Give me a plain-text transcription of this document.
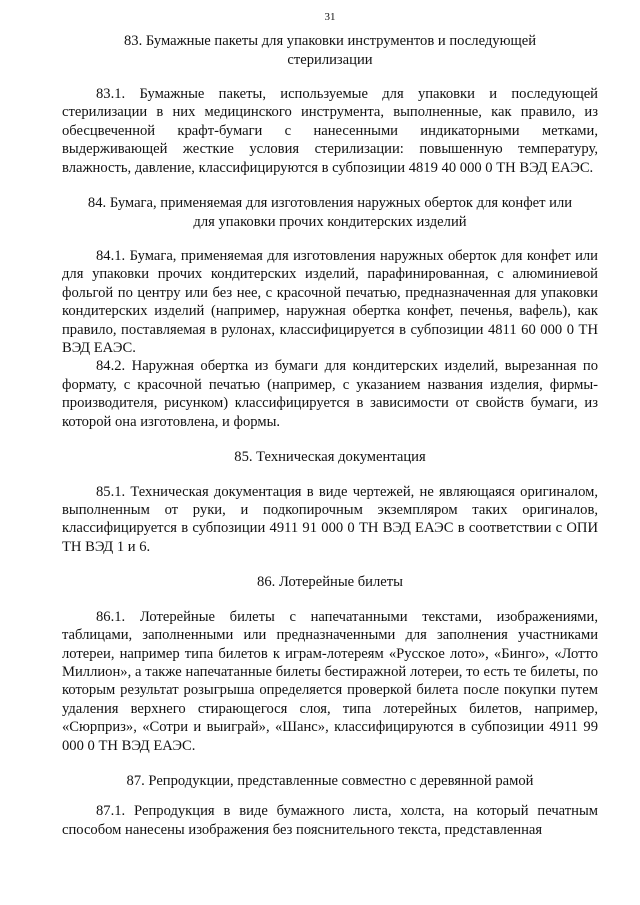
31
83. Бумажные пакеты для упаковки инструментов и последующей стерилизации

83.1. Бумажные пакеты, используемые для упаковки и последующей стерилизации в них медицинского инструмента, выполненные, как правило, из обесцвеченной крафт-бумаги с нанесенными индикаторными метками, выдерживающей жесткие условия стерилизации: повышенную температуру, влажность, давление, классифицируются в субпозиции 4819 40 000 0 ТН ВЭД ЕАЭС.

84. Бумага, применяемая для изготовления наружных оберток для конфет или для упаковки прочих кондитерских изделий

84.1. Бумага, применяемая для изготовления наружных оберток для конфет или для упаковки прочих кондитерских изделий, парафинированная, с алюминиевой фольгой по центру или без нее, с красочной печатью, предназначенная для упаковки кондитерских изделий (например, наружная обертка конфет, печенья, вафель), как правило, поставляемая в рулонах, классифицируется в субпозиции 4811 60 000 0 ТН ВЭД ЕАЭС.

84.2. Наружная обертка из бумаги для кондитерских изделий, вырезанная по формату, с красочной печатью (например, с указанием названия изделия, фирмы-производителя, рисунком) классифицируется в зависимости от свойств бумаги, из которой она изготовлена, и формы.

85. Техническая документация

85.1. Техническая документация в виде чертежей, не являющаяся оригиналом, выполненным от руки, и подкопирочным экземпляром таких оригиналов, классифицируется в субпозиции 4911 91 000 0 ТН ВЭД ЕАЭС в соответствии с ОПИ ТН ВЭД 1 и 6.

86. Лотерейные билеты

86.1. Лотерейные билеты с напечатанными текстами, изображениями, таблицами, заполненными или предназначенными для заполнения участниками лотереи, например типа билетов к играм-лотереям «Русское лото», «Бинго», «Лотто Миллион», а также напечатанные билеты бестиражной лотереи, то есть те билеты, по которым результат розыгрыша определяется проверкой билета после покупки путем удаления верхнего стирающегося слоя, типа лотерейных билетов, например, «Сюрприз», «Сотри и выиграй», «Шанс», классифицируются в субпозиции 4911 99 000 0 ТН ВЭД ЕАЭС.

87. Репродукции, представленные совместно с деревянной рамой

87.1. Репродукция в виде бумажного листа, холста, на который печатным способом нанесены изображения без пояснительного текста, представленная
